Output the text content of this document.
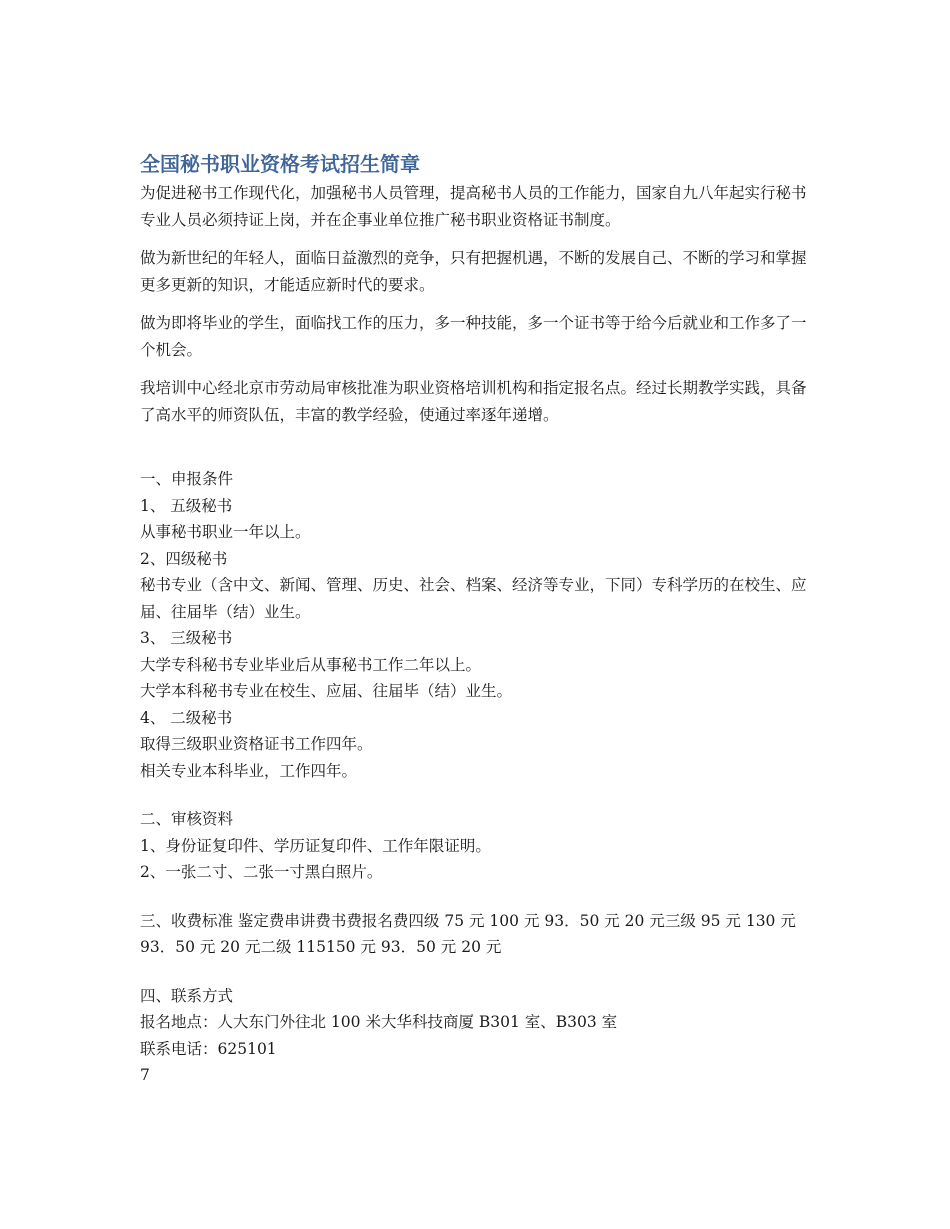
全国秘书职业资格考试招生简章

为促进秘书工作现代化，加强秘书人员管理，提高秘书人员的工作能力，国家自九八年起实行秘书专业人员必须持证上岗，并在企事业单位推广秘书职业资格证书制度。

做为新世纪的年轻人，面临日益激烈的竞争，只有把握机遇，不断的发展自己、不断的学习和掌握更多更新的知识，才能适应新时代的要求。

做为即将毕业的学生，面临找工作的压力，多一种技能，多一个证书等于给今后就业和工作多了一个机会。

我培训中心经北京市劳动局审核批准为职业资格培训机构和指定报名点。经过长期教学实践，具备了高水平的师资队伍，丰富的教学经验，使通过率逐年递增。

一、申报条件

1、 五级秘书

从事秘书职业一年以上。

2、四级秘书

秘书专业（含中文、新闻、管理、历史、社会、档案、经济等专业，下同）专科学历的在校生、应届、往届毕（结）业生。

3、 三级秘书

大学专科秘书专业毕业后从事秘书工作二年以上。

大学本科秘书专业在校生、应届、往届毕（结）业生。

4、 二级秘书

取得三级职业资格证书工作四年。

相关专业本科毕业，工作四年。

二、审核资料

1、身份证复印件、学历证复印件、工作年限证明。

2、一张二寸、二张一寸黑白照片。

三、收费标准 鉴定费串讲费书费报名费四级 75 元 100 元 93．50 元 20 元三级 95 元 130 元 93．50 元 20 元二级 115150 元 93．50 元 20 元

四、联系方式

报名地点：人大东门外往北 100 米大华科技商厦 B301 室、B303 室

联系电话：625101

7
